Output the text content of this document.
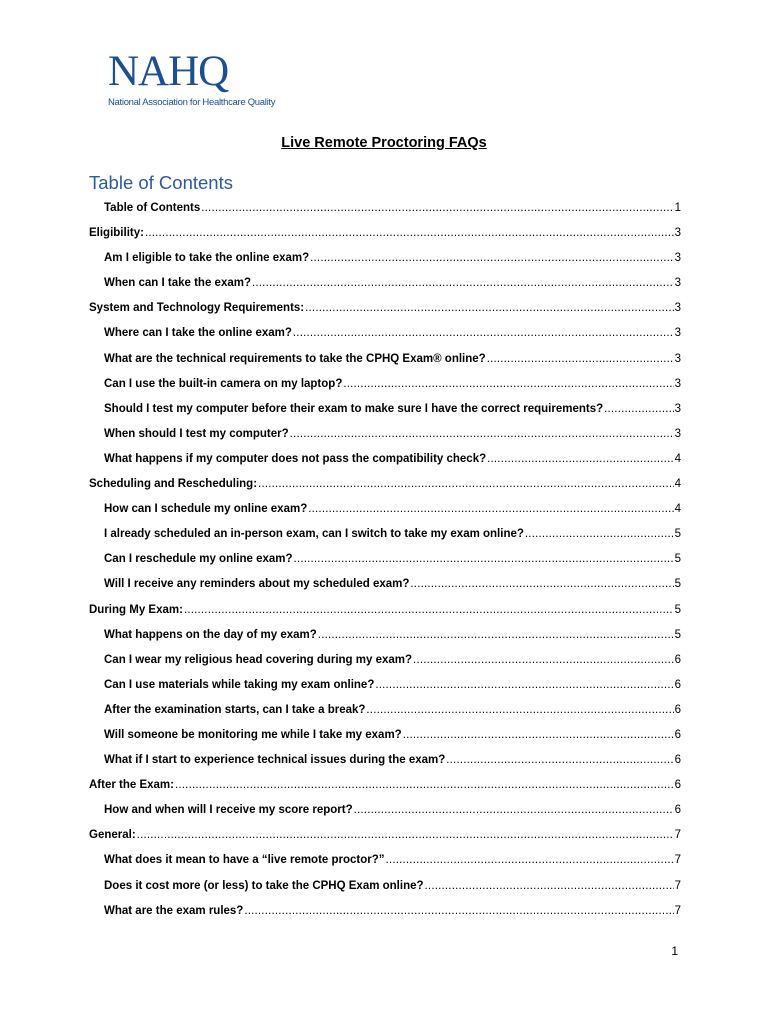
NAHQ
National Association for Healthcare Quality
Live Remote Proctoring FAQs
Table of Contents
Table of Contents .....	1
Eligibility: .....	3
Am I eligible to take the online exam? .....	3
When can I take the exam? .....	3
System and Technology Requirements: .....	3
Where can I take the online exam? .....	3
What are the technical requirements to take the CPHQ Exam® online? .....	3
Can I use the built-in camera on my laptop? .....	3
Should I test my computer before their exam to make sure I have the correct requirements? .....	3
When should I test my computer? .....	3
What happens if my computer does not pass the compatibility check? .....	4
Scheduling and Rescheduling: .....	4
How can I schedule my online exam? .....	4
I already scheduled an in-person exam, can I switch to take my exam online? .....	5
Can I reschedule my online exam? .....	5
Will I receive any reminders about my scheduled exam? .....	5
During My Exam: .....	5
What happens on the day of my exam? .....	5
Can I wear my religious head covering during my exam? .....	6
Can I use materials while taking my exam online? .....	6
After the examination starts, can I take a break? .....	6
Will someone be monitoring me while I take my exam? .....	6
What if I start to experience technical issues during the exam? .....	6
After the Exam: .....	6
How and when will I receive my score report? .....	6
General: .....	7
What does it mean to have a “live remote proctor?” .....	7
Does it cost more (or less) to take the CPHQ Exam online? .....	7
What are the exam rules? .....	7
1
